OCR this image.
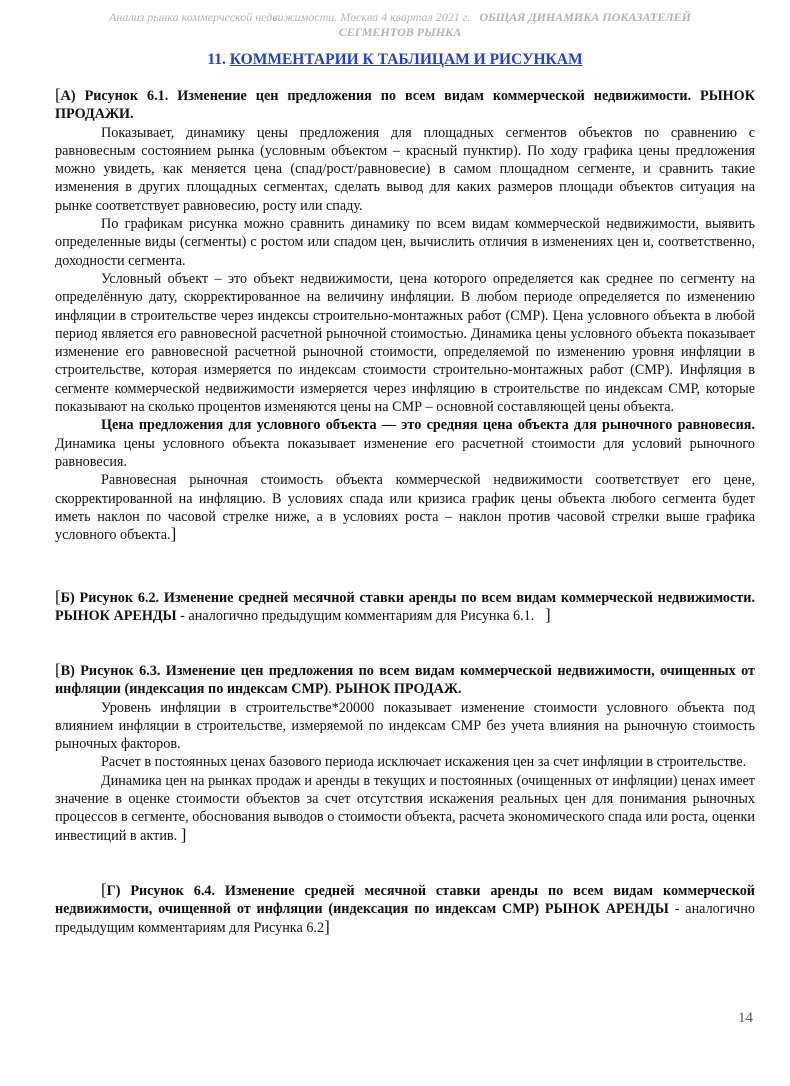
Анализ рынка коммерческой недвижимости. Москва 4 квартал 2021 г. ОБЩАЯ ДИНАМИКА ПОКАЗАТЕЛЕЙ
СЕГМЕНТОВ РЫНКА
11. КОММЕНТАРИИ К ТАБЛИЦАМ И РИСУНКАМ
[А) Рисунок 6.1. Изменение цен предложения по всем видам коммерческой недвижимости. РЫНОК ПРОДАЖИ.

Показывает, динамику цены предложения для площадных сегментов объектов по сравнению с равновесным состоянием рынка (условным объектом – красный пунктир). По ходу графика цены предложения можно увидеть, как меняется цена (спад/рост/равновесие) в самом площадном сегменте, и сравнить такие изменения в других площадных сегментах, сделать вывод для каких размеров площади объектов ситуация на рынке соответствует равновесию, росту или спаду.

По графикам рисунка можно сравнить динамику по всем видам коммерческой недвижимости, выявить определенные виды (сегменты) с ростом или спадом цен, вычислить отличия в изменениях цен и, соответственно, доходности сегмента.

Условный объект – это объект недвижимости, цена которого определяется как среднее по сегменту на определённую дату, скорректированное на величину инфляции. В любом периоде определяется по изменению инфляции в строительстве через индексы строительно-монтажных работ (СМР). Цена условного объекта в любой период является его равновесной расчетной рыночной стоимостью. Динамика цены условного объекта показывает изменение его равновесной расчетной рыночной стоимости, определяемой по изменению уровня инфляции в строительстве, которая измеряется по индексам стоимости строительно-монтажных работ (СМР). Инфляция в сегменте коммерческой недвижимости измеряется через инфляцию в строительстве по индексам СМР, которые показывают на сколько процентов изменяются цены на СМР – основной составляющей цены объекта.

Цена предложения для условного объекта — это средняя цена объекта для рыночного равновесия. Динамика цены условного объекта показывает изменение его расчетной стоимости для условий рыночного равновесия.

Равновесная рыночная стоимость объекта коммерческой недвижимости соответствует его цене, скорректированной на инфляцию. В условиях спада или кризиса график цены объекта любого сегмента будет иметь наклон по часовой стрелке ниже, а в условиях роста – наклон против часовой стрелки выше графика условного объекта.]

[Б) Рисунок 6.2. Изменение средней месячной ставки аренды по всем видам коммерческой недвижимости. РЫНОК АРЕНДЫ - аналогично предыдущим комментариям для Рисунка 6.1. ]
[В) Рисунок 6.3. Изменение цен предложения по всем видам коммерческой недвижимости, очищенных от инфляции (индексация по индексам СМР). РЫНОК ПРОДАЖ.

Уровень инфляции в строительстве*20000 показывает изменение стоимости условного объекта под влиянием инфляции в строительстве, измеряемой по индексам СМР без учета влияния на рыночную стоимость рыночных факторов.

Расчет в постоянных ценах базового периода исключает искажения цен за счет инфляции в строительстве.

Динамика цен на рынках продаж и аренды в текущих и постоянных (очищенных от инфляции) ценах имеет значение в оценке стоимости объектов за счет отсутствия искажения реальных цен для понимания рыночных процессов в сегменте, обоснования выводов о стоимости объекта, расчета экономического спада или роста, оценки инвестиций в актив. ]

[Г) Рисунок 6.4. Изменение средней месячной ставки аренды по всем видам коммерческой недвижимости, очищенной от инфляции (индексация по индексам СМР) РЫНОК АРЕНДЫ - аналогично предыдущим комментариям для Рисунка 6.2]
14
